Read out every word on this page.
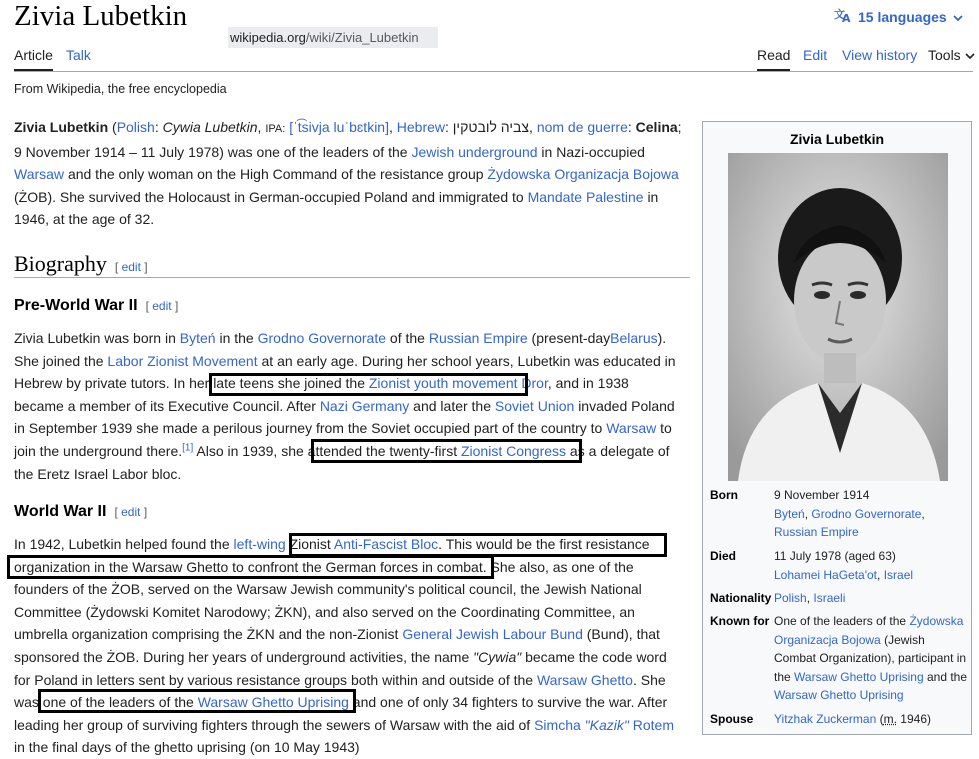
Zivia Lubetkin
wikipedia.org/wiki/Zivia_Lubetkin
文
A 15 languages
Article Talk	Read Edit View history Tools
From Wikipedia, the free encyclopedia
Zivia Lubetkin (Polish: Cywia Lubetkin, IPA: [ˈt͡sivja luˈbɛtkin], Hebrew: צביה לובטקין, nom de guerre: Celina;
9 November 1914 – 11 July 1978) was one of the leaders of the Jewish underground in Nazi-occupied
Warsaw and the only woman on the High Command of the resistance group Żydowska Organizacja Bojowa
(ŻOB). She survived the Holocaust in German-occupied Poland and immigrated to Mandate Palestine in
1946, at the age of 32.
Biography [ edit ]
Pre-World War II [ edit ]
Zivia Lubetkin was born in Byteń in the Grodno Governorate of the Russian Empire (present-dayBelarus).
She joined the Labor Zionist Movement at an early age. During her school years, Lubetkin was educated in
Hebrew by private tutors. In her late teens she joined the Zionist youth movement Dror, and in 1938
became a member of its Executive Council. After Nazi Germany and later the Soviet Union invaded Poland
in September 1939 she made a perilous journey from the Soviet occupied part of the country to Warsaw to
join the underground there.[1] Also in 1939, she attended the twenty-first Zionist Congress as a delegate of
the Eretz Israel Labor bloc.
World War II [ edit ]
In 1942, Lubetkin helped found the left-wing Zionist Anti-Fascist Bloc. This would be the first resistance
organization in the Warsaw Ghetto to confront the German forces in combat. She also, as one of the
founders of the ŻOB, served on the Warsaw Jewish community's political council, the Jewish National
Committee (Żydowski Komitet Narodowy; ŻKN), and also served on the Coordinating Committee, an
umbrella organization comprising the ŻKN and the non-Zionist General Jewish Labour Bund (Bund), that
sponsored the ŻOB. During her years of underground activities, the name "Cywia" became the code word
for Poland in letters sent by various resistance groups both within and outside of the Warsaw Ghetto. She
was one of the leaders of the Warsaw Ghetto Uprising and one of only 34 fighters to survive the war. After
leading her group of surviving fighters through the sewers of Warsaw with the aid of Simcha "Kazik" Rotem
in the final days of the ghetto uprising (on 10 May 1943)
Zivia Lubetkin
Born	9 November 1914
Byteń, Grodno Governorate,
Russian Empire
Died	11 July 1978 (aged 63)
Lohamei HaGeta'ot, Israel
Nationality Polish, Israeli
Known for One of the leaders of the Żydowska Organizacja Bojowa (Jewish Combat Organization), participant in the Warsaw Ghetto Uprising and the Warsaw Ghetto Uprising
Spouse	Yitzhak Zuckerman (m. 1946)
